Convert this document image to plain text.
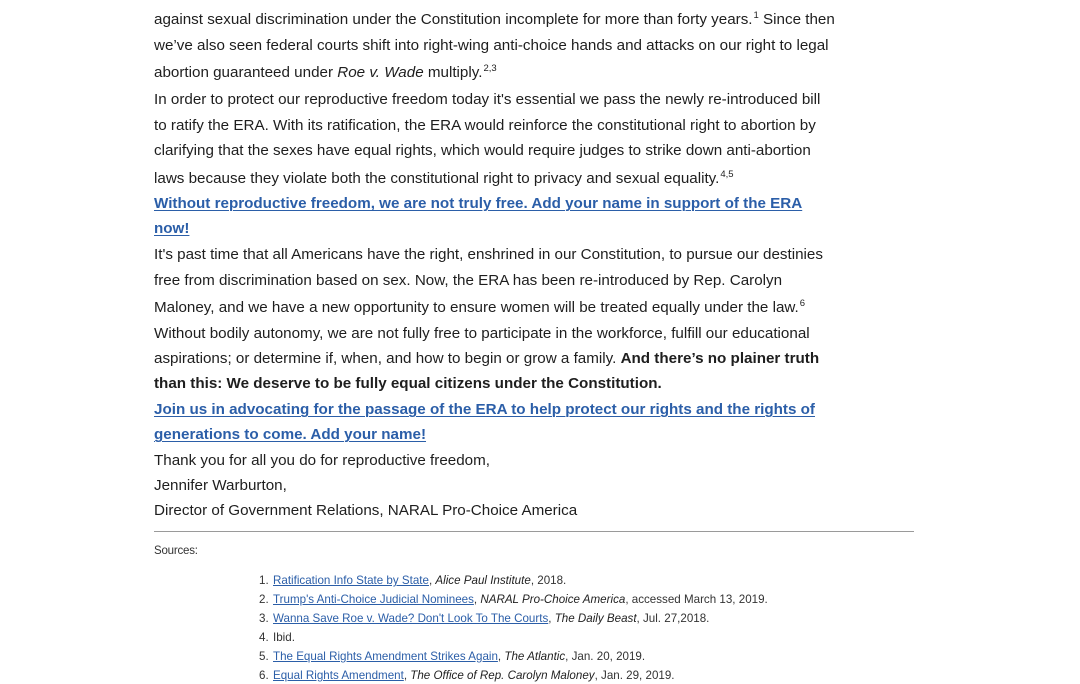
against sexual discrimination under the Constitution incomplete for more than forty years.$^1$ Since then
we’ve also seen federal courts shift into right-wing anti-choice hands and attacks on our right to legal
abortion guaranteed under Roe v. Wade multiply.$^{2,3}$
In order to protect our reproductive freedom today it's essential we pass the newly re-introduced bill
to ratify the ERA. With its ratification, the ERA would reinforce the constitutional right to abortion by
clarifying that the sexes have equal rights, which would require judges to strike down anti-abortion
laws because they violate both the constitutional right to privacy and sexual equality.$^{4,5}$
Without reproductive freedom, we are not truly free. Add your name in support of the ERA
now!
It's past time that all Americans have the right, enshrined in our Constitution, to pursue our destinies
free from discrimination based on sex. Now, the ERA has been re-introduced by Rep. Carolyn
Maloney, and we have a new opportunity to ensure women will be treated equally under the law.$^6$
Without bodily autonomy, we are not fully free to participate in the workforce, fulfill our educational
aspirations; or determine if, when, and how to begin or grow a family. And there’s no plainer truth
than this: We deserve to be fully equal citizens under the Constitution.
Join us in advocating for the passage of the ERA to help protect our rights and the rights of
generations to come. Add your name!
Thank you for all you do for reproductive freedom,
Jennifer Warburton,
Director of Government Relations, NARAL Pro-Choice America
Sources:
1. Ratification Info State by State, Alice Paul Institute, 2018.
2. Trump's Anti-Choice Judicial Nominees, NARAL Pro-Choice America, accessed March 13, 2019.
3. Wanna Save Roe v. Wade? Don't Look To The Courts, The Daily Beast, Jul. 27,2018.
4. Ibid.
5. The Equal Rights Amendment Strikes Again, The Atlantic, Jan. 20, 2019.
6. Equal Rights Amendment, The Office of Rep. Carolyn Maloney, Jan. 29, 2019.
